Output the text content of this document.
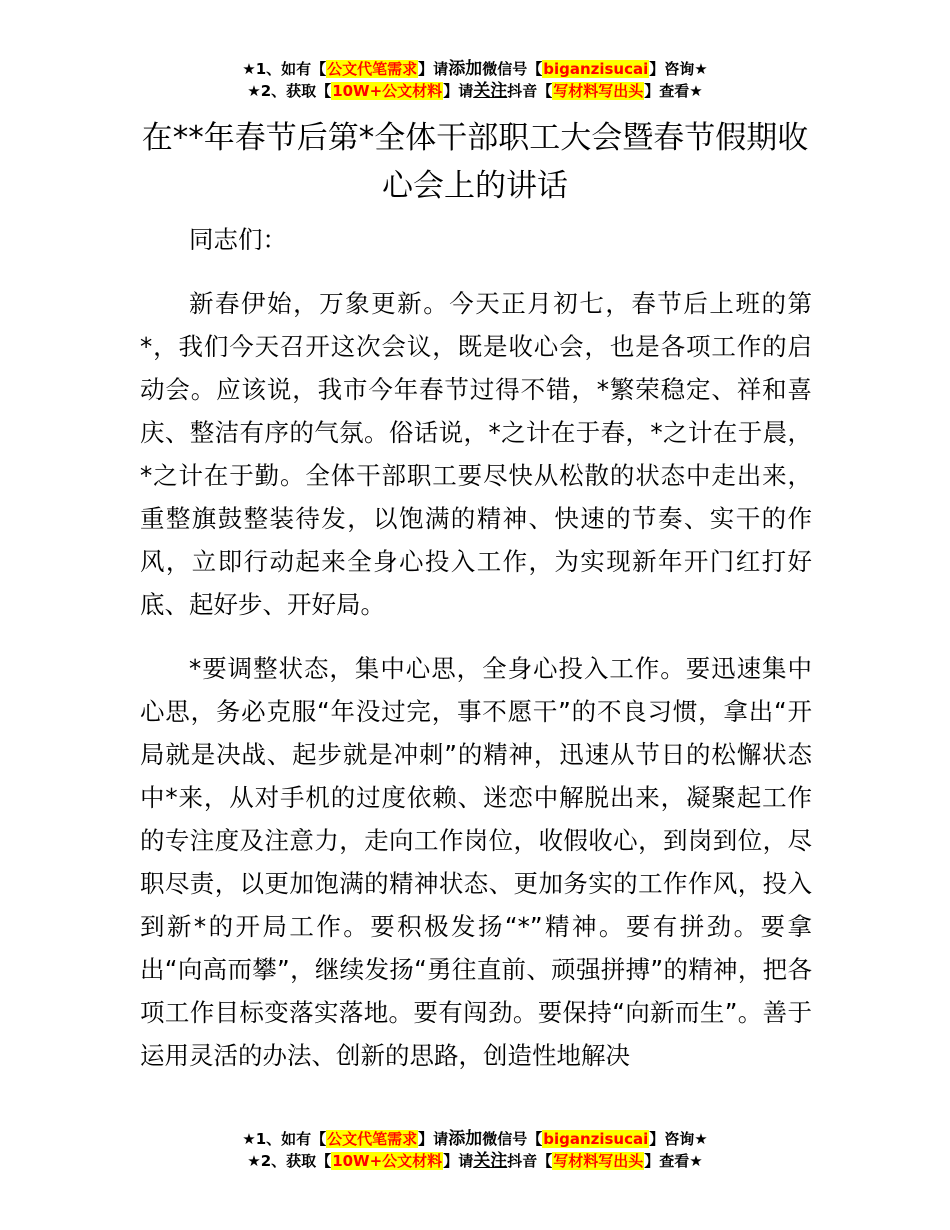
★1、如有【公文代笔需求】请添加微信号【biganzisucai】咨询★
★2、获取【10W+公文材料】请关注抖音【写材料写出头】查看★
在**年春节后第*全体干部职工大会暨春节假期收心会上的讲话

同志们：

新春伊始，万象更新。今天正月初七，春节后上班的第*，我们今天召开这次会议，既是收心会，也是各项工作的启动会。应该说，我市今年春节过得不错，*繁荣稳定、祥和喜庆、整洁有序的气氛。俗话说，*之计在于春，*之计在于晨，*之计在于勤。全体干部职工要尽快从松散的状态中走出来，重整旗鼓整装待发，以饱满的精神、快速的节奏、实干的作风，立即行动起来全身心投入工作，为实现新年开门红打好底、起好步、开好局。

*要调整状态，集中心思，全身心投入工作。要迅速集中心思，务必克服“年没过完，事不愿干”的不良习惯，拿出“开局就是决战、起步就是冲刺”的精神，迅速从节日的松懈状态中*来，从对手机的过度依赖、迷恋中解脱出来，凝聚起工作的专注度及注意力，走向工作岗位，收假收心，到岗到位，尽职尽责，以更加饱满的精神状态、更加务实的工作作风，投入到新*的开局工作。要积极发扬“*”精神。要有拼劲。要拿出“向高而攀”，继续发扬“勇往直前、顽强拼搏”的精神，把各项工作目标变落实落地。要有闯劲。要保持“向新而生”。善于运用灵活的办法、创新的思路，创造性地解决

★1、如有【公文代笔需求】请添加微信号【biganzisucai】咨询★
★2、获取【10W+公文材料】请关注抖音【写材料写出头】查看★
